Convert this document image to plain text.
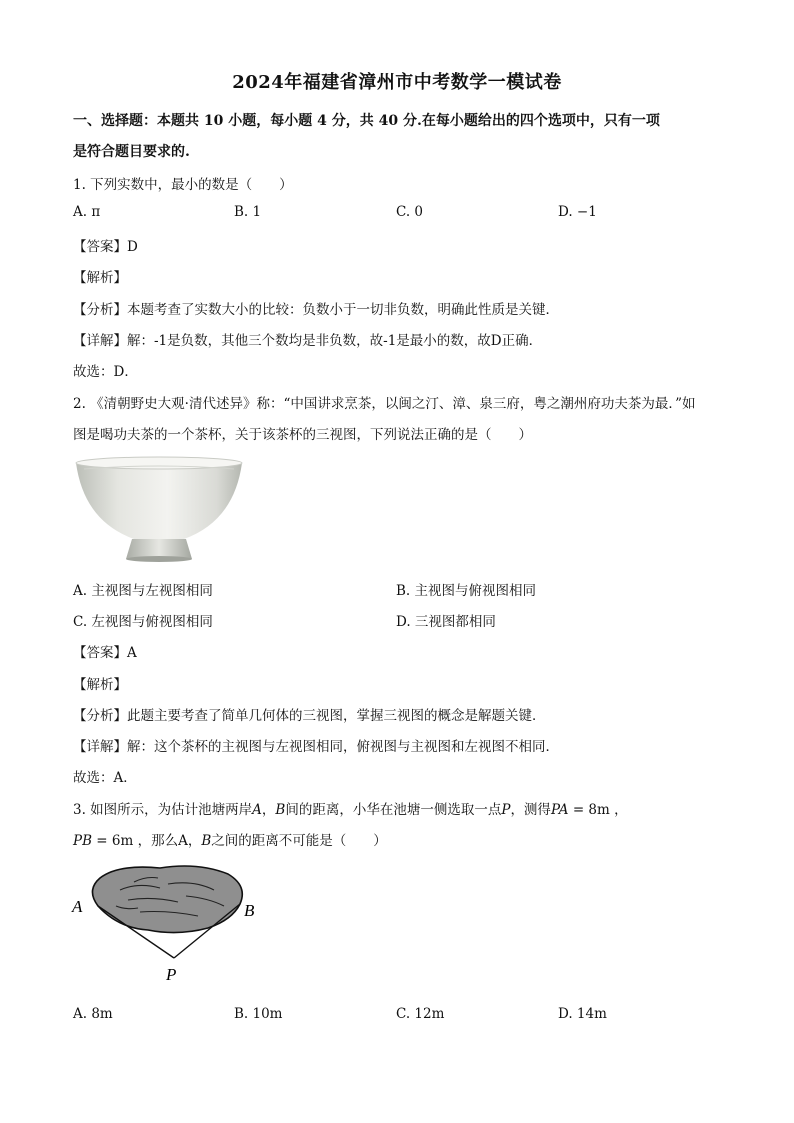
2024年福建省漳州市中考数学一模试卷
一、选择题：本题共 10 小题，每小题 4 分，共 40 分.在每小题给出的四个选项中，只有一项
是符合题目要求的.
1. 下列实数中，最小的数是（　　）
A. π	B. 1	C. 0	D. −1
【答案】D
【解析】
【分析】本题考查了实数大小的比较：负数小于一切非负数，明确此性质是关键．
【详解】解：-1是负数，其他三个数均是非负数，故-1是最小的数，故D正确．
故选：D．
2. 《清朝野史大观·清代述异》称：“中国讲求烹茶，以闽之汀、漳、泉三府，粤之潮州府功夫茶为最．”如
图是喝功夫茶的一个茶杯，关于该茶杯的三视图，下列说法正确的是（　　）
A. 主视图与左视图相同	B. 主视图与俯视图相同
C. 左视图与俯视图相同	D. 三视图都相同
【答案】A
【解析】
【分析】此题主要考查了简单几何体的三视图，掌握三视图的概念是解题关键．
【详解】解：这个茶杯的主视图与左视图相同，俯视图与主视图和左视图不相同．
故选：A．
3. 如图所示，为估计池塘两岸A，B间的距离，小华在池塘一侧选取一点P，测得PA = 8m ，
PB = 6m ，那么A，B之间的距离不可能是（　　）
A	B
P
A. 8m	B. 10m	C. 12m	D. 14m
